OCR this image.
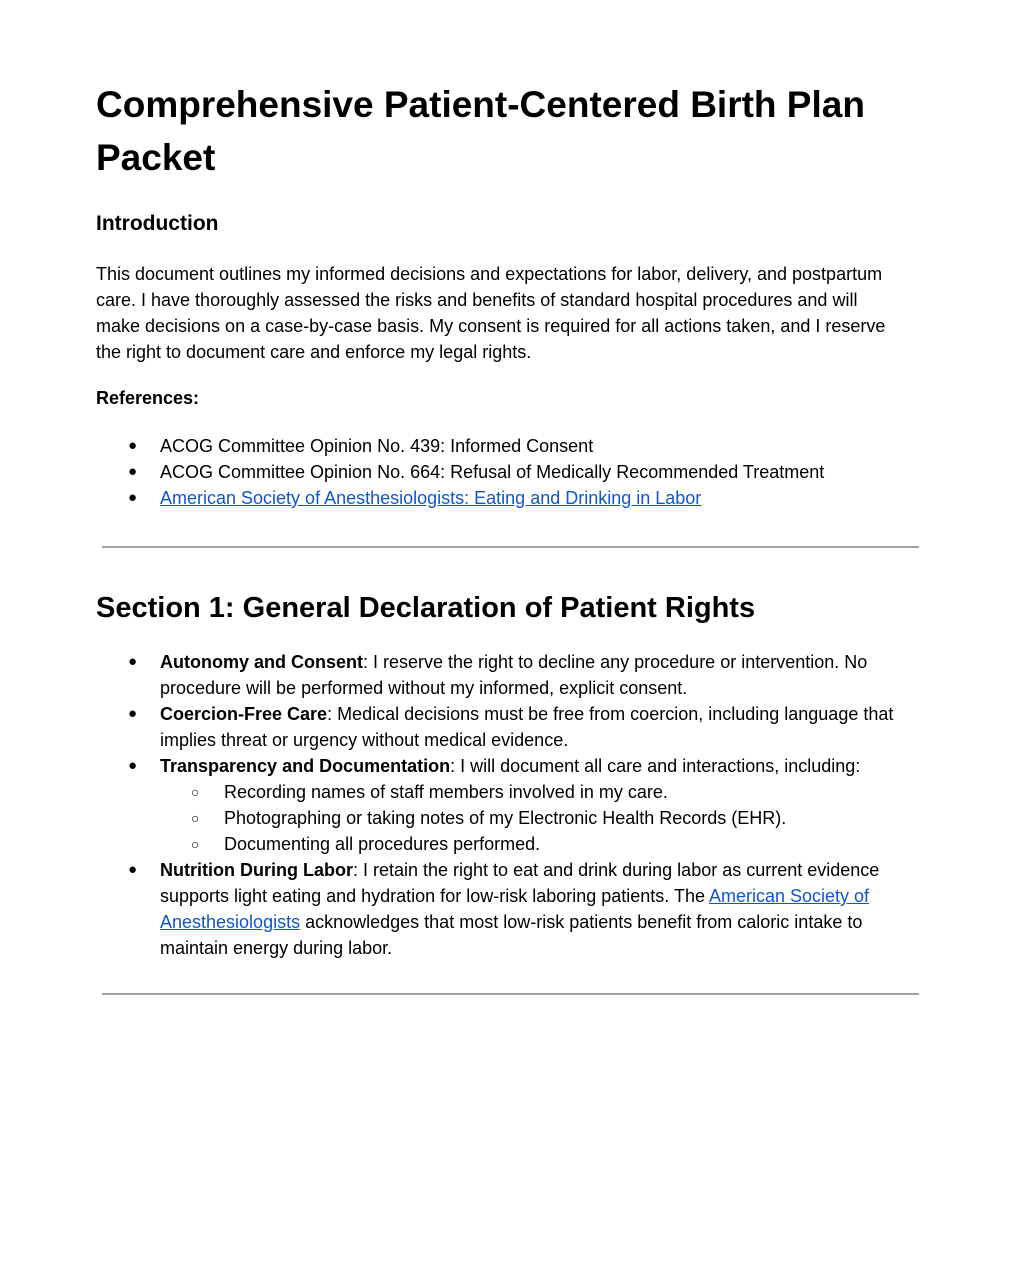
Comprehensive Patient-Centered Birth Plan Packet
Introduction

This document outlines my informed decisions and expectations for labor, delivery, and postpartum care. I have thoroughly assessed the risks and benefits of standard hospital procedures and will make decisions on a case-by-case basis. My consent is required for all actions taken, and I reserve the right to document care and enforce my legal rights.

References:

● ACOG Committee Opinion No. 439: Informed Consent
● ACOG Committee Opinion No. 664: Refusal of Medically Recommended Treatment
● American Society of Anesthesiologists: Eating and Drinking in Labor
Section 1: General Declaration of Patient Rights
● Autonomy and Consent: I reserve the right to decline any procedure or intervention. No procedure will be performed without my informed, explicit consent.
● Coercion-Free Care: Medical decisions must be free from coercion, including language that implies threat or urgency without medical evidence.
● Transparency and Documentation: I will document all care and interactions, including:
○ Recording names of staff members involved in my care.
○ Photographing or taking notes of my Electronic Health Records (EHR).
○ Documenting all procedures performed.
● Nutrition During Labor: I retain the right to eat and drink during labor as current evidence supports light eating and hydration for low-risk laboring patients. The American Society of Anesthesiologists acknowledges that most low-risk patients benefit from caloric intake to maintain energy during labor.
